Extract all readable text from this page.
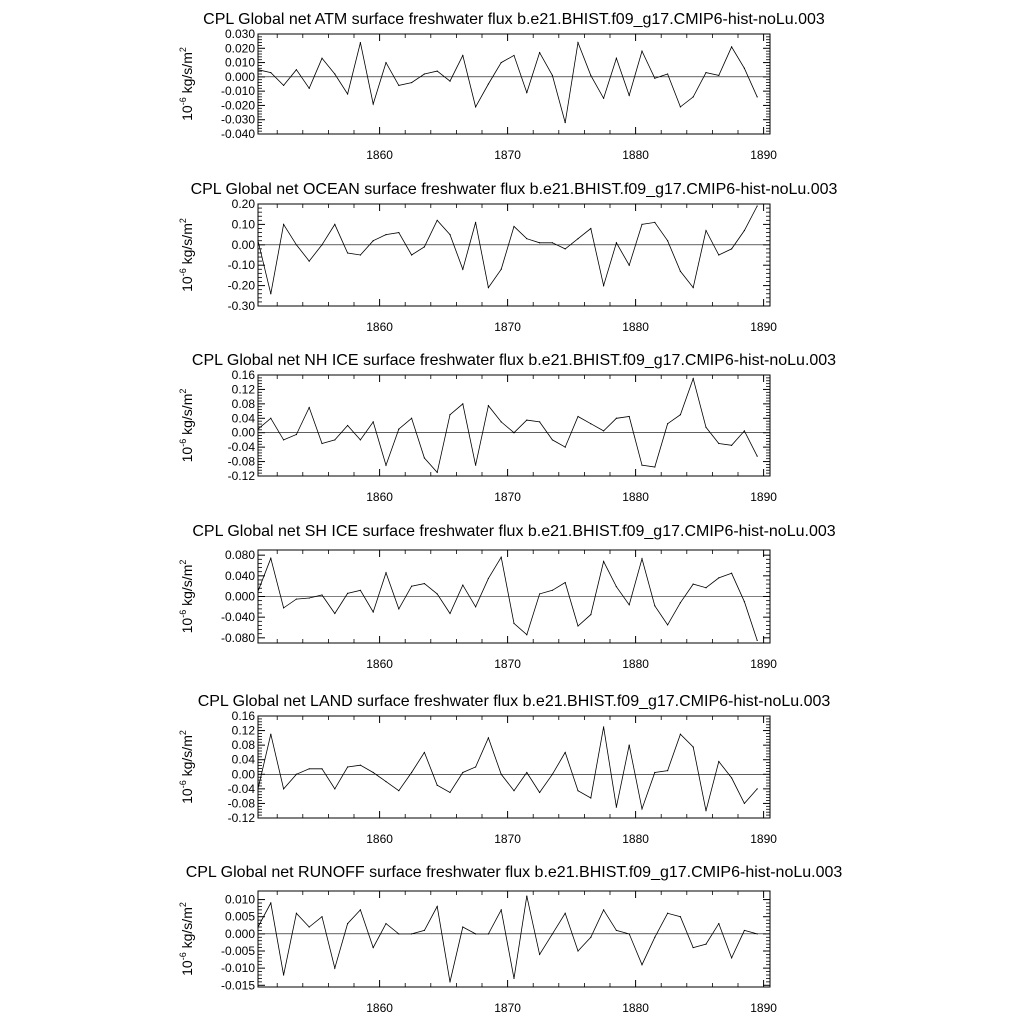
CPL Global net ATM surface freshwater flux b.e21.BHIST.f09_g17.CMIP6-hist-noLu.003
0.030
0.020
0.010
0.000
-0.010
-0.020
-0.030
-0.040
1860	1870	1880	1890
$10^{-6}$ $kg/s/m^2$
CPL Global net OCEAN surface freshwater flux b.e21.BHIST.f09_g17.CMIP6-hist-noLu.003
0.20
0.10
0.00
-0.10
-0.20
-0.30
1860	1870	1880	1890
$10^{-6}$ $kg/s/m^2$
CPL Global net NH ICE surface freshwater flux b.e21.BHIST.f09_g17.CMIP6-hist-noLu.003
0.16
0.12
0.08
0.04
0.00
-0.04
-0.08
-0.12
1860	1870	1880	1890
$10^{-6}$ $kg/s/m^2$
CPL Global net SH ICE surface freshwater flux b.e21.BHIST.f09_g17.CMIP6-hist-noLu.003
0.080
0.040
0.000
-0.040
-0.080
1860	1870	1880	1890
$10^{-6}$ $kg/s/m^2$
CPL Global net LAND surface freshwater flux b.e21.BHIST.f09_g17.CMIP6-hist-noLu.003
0.16
0.12
0.08
0.04
0.00
-0.04
-0.08
-0.12
1860	1870	1880	1890
$10^{-6}$ $kg/s/m^2$
CPL Global net RUNOFF surface freshwater flux b.e21.BHIST.f09_g17.CMIP6-hist-noLu.003
0.010
0.005
0.000
-0.005
-0.010
-0.015
1860	1870	1880	1890
$10^{-6}$ $kg/s/m^2$
